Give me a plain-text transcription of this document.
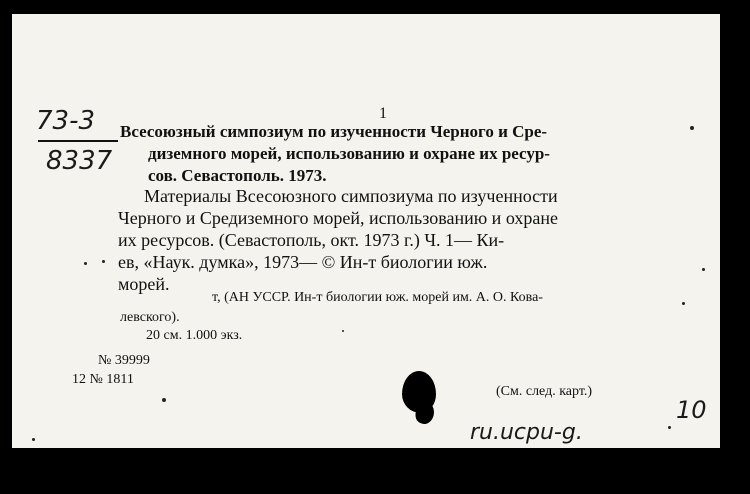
73-3
8337
1
Всесоюзный симпозиум по изученности Черного и Сре-
диземного морей, использованию и охране их ресур-
сов. Севастополь. 1973.
Материалы Всесоюзного симпозиума по изученности
Черного и Средиземного морей, использованию и охране
их ресурсов. (Севастополь, окт. 1973 г.) Ч. 1— Ки-
ев, «Наук. думка», 1973— © Ин-т биологии юж.
морей.
т, (АН УССР. Ин-т биологии юж. морей им. А. О. Кова-
левского).
20 см. 1.000 экз.
№ 39999
12 № 1811
(См. след. карт.)
10
ru.ucpu-g.
